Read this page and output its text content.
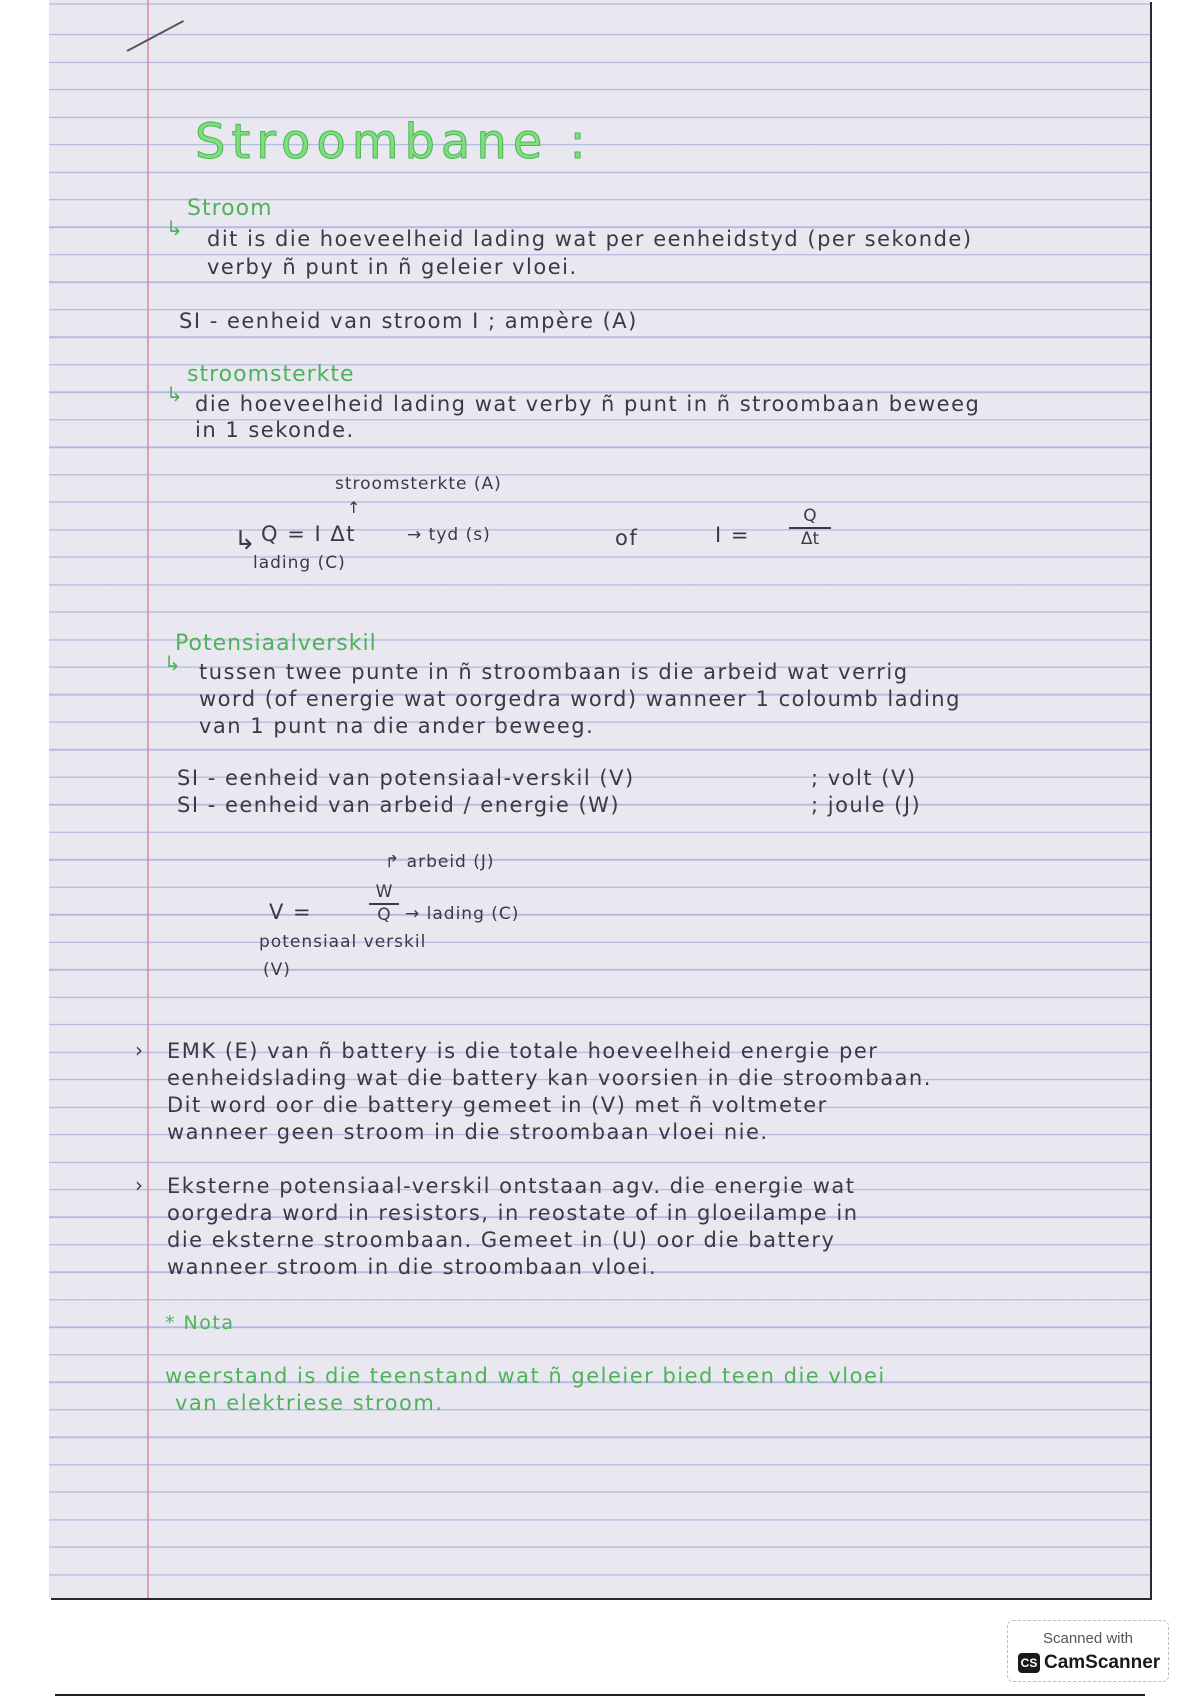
Stroombane :
Stroom
↳ dit is die hoeveelheid lading wat per eenheidstyd (per sekonde)
verby ñ punt in ñ geleier vloei.
SI - eenheid van stroom I ; ampère (A)
stroomsterkte
↳ die hoeveelheid lading wat verby ñ punt in ñ stroombaan beweeg
in 1 sekonde.
stroomsterkte (A)
↑
↳ Q = I Δt	→ tyd (s)
lading (C)
of	I =
Q
Δt
Potensiaalverskil
↳ tussen twee punte in ñ stroombaan is die arbeid wat verrig
word (of energie wat oorgedra word) wanneer 1 coloumb lading
van 1 punt na die ander beweeg.
SI - eenheid van potensiaal-verskil (V)	; volt (V)
SI - eenheid van arbeid / energie (W)	; joule (J)
↱ arbeid (J)
V =
W
Q → lading (C)
potensiaal verskil
(V)
› EMK (E) van ñ battery is die totale hoeveelheid energie per
eenheidslading wat die battery kan voorsien in die stroombaan.
Dit word oor die battery gemeet in (V) met ñ voltmeter
wanneer geen stroom in die stroombaan vloei nie.
› Eksterne potensiaal-verskil ontstaan agv. die energie wat
oorgedra word in resistors, in reostate of in gloeilampe in
die eksterne stroombaan. Gemeet in (U) oor die battery
wanneer stroom in die stroombaan vloei.
* Nota
weerstand is die teenstand wat ñ geleier bied teen die vloei
van elektriese stroom.
Scanned with
CS CamScanner
